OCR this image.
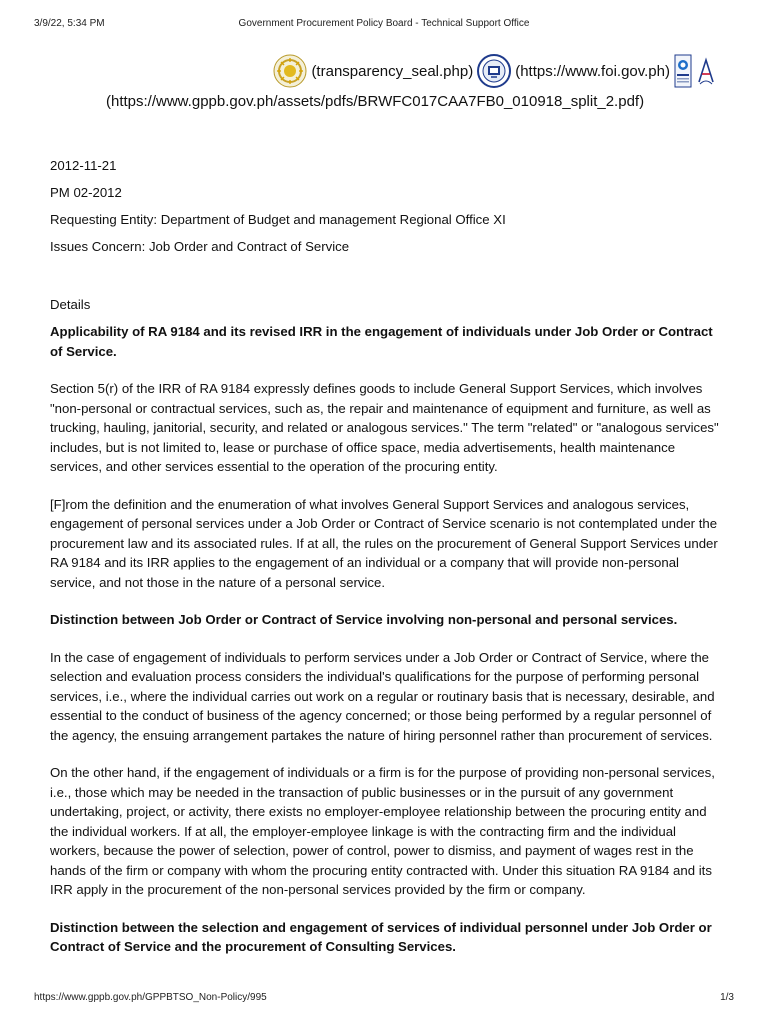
3/9/22, 5:34 PM	Government Procurement Policy Board - Technical Support Office
(transparency_seal.php)	(https://www.foi.gov.ph)
(https://www.gppb.gov.ph/assets/pdfs/BRWFC017CAA7FB0_010918_split_2.pdf)

2012-11-21

PM 02-2012

Requesting Entity: Department of Budget and management Regional Office XI

Issues Concern: Job Order and Contract of Service

Details

Applicability of RA 9184 and its revised IRR in the engagement of individuals under Job Order or Contract of Service.

Section 5(r) of the IRR of RA 9184 expressly defines goods to include General Support Services, which involves "non-personal or contractual services, such as, the repair and maintenance of equipment and furniture, as well as trucking, hauling, janitorial, security, and related or analogous services." The term "related" or "analogous services" includes, but is not limited to, lease or purchase of office space, media advertisements, health maintenance services, and other services essential to the operation of the procuring entity.

[F]rom the definition and the enumeration of what involves General Support Services and analogous services, engagement of personal services under a Job Order or Contract of Service scenario is not contemplated under the procurement law and its associated rules. If at all, the rules on the procurement of General Support Services under RA 9184 and its IRR applies to the engagement of an individual or a company that will provide non-personal service, and not those in the nature of a personal service.

Distinction between Job Order or Contract of Service involving non-personal and personal services.

In the case of engagement of individuals to perform services under a Job Order or Contract of Service, where the selection and evaluation process considers the individual's qualifications for the purpose of performing personal services, i.e., where the individual carries out work on a regular or routinary basis that is necessary, desirable, and essential to the conduct of business of the agency concerned; or those being performed by a regular personnel of the agency, the ensuing arrangement partakes the nature of hiring personnel rather than procurement of services.

On the other hand, if the engagement of individuals or a firm is for the purpose of providing non-personal services, i.e., those which may be needed in the transaction of public businesses or in the pursuit of any government undertaking, project, or activity, there exists no employer-employee relationship between the procuring entity and the individual workers. If at all, the employer-employee linkage is with the contracting firm and the individual workers, because the power of selection, power of control, power to dismiss, and payment of wages rest in the hands of the firm or company with whom the procuring entity contracted with. Under this situation RA 9184 and its IRR apply in the procurement of the non-personal services provided by the firm or company.

Distinction between the selection and engagement of services of individual personnel under Job Order or Contract of Service and the procurement of Consulting Services.

https://www.gppb.gov.ph/GPPBTSO_Non-Policy/995	1/3
